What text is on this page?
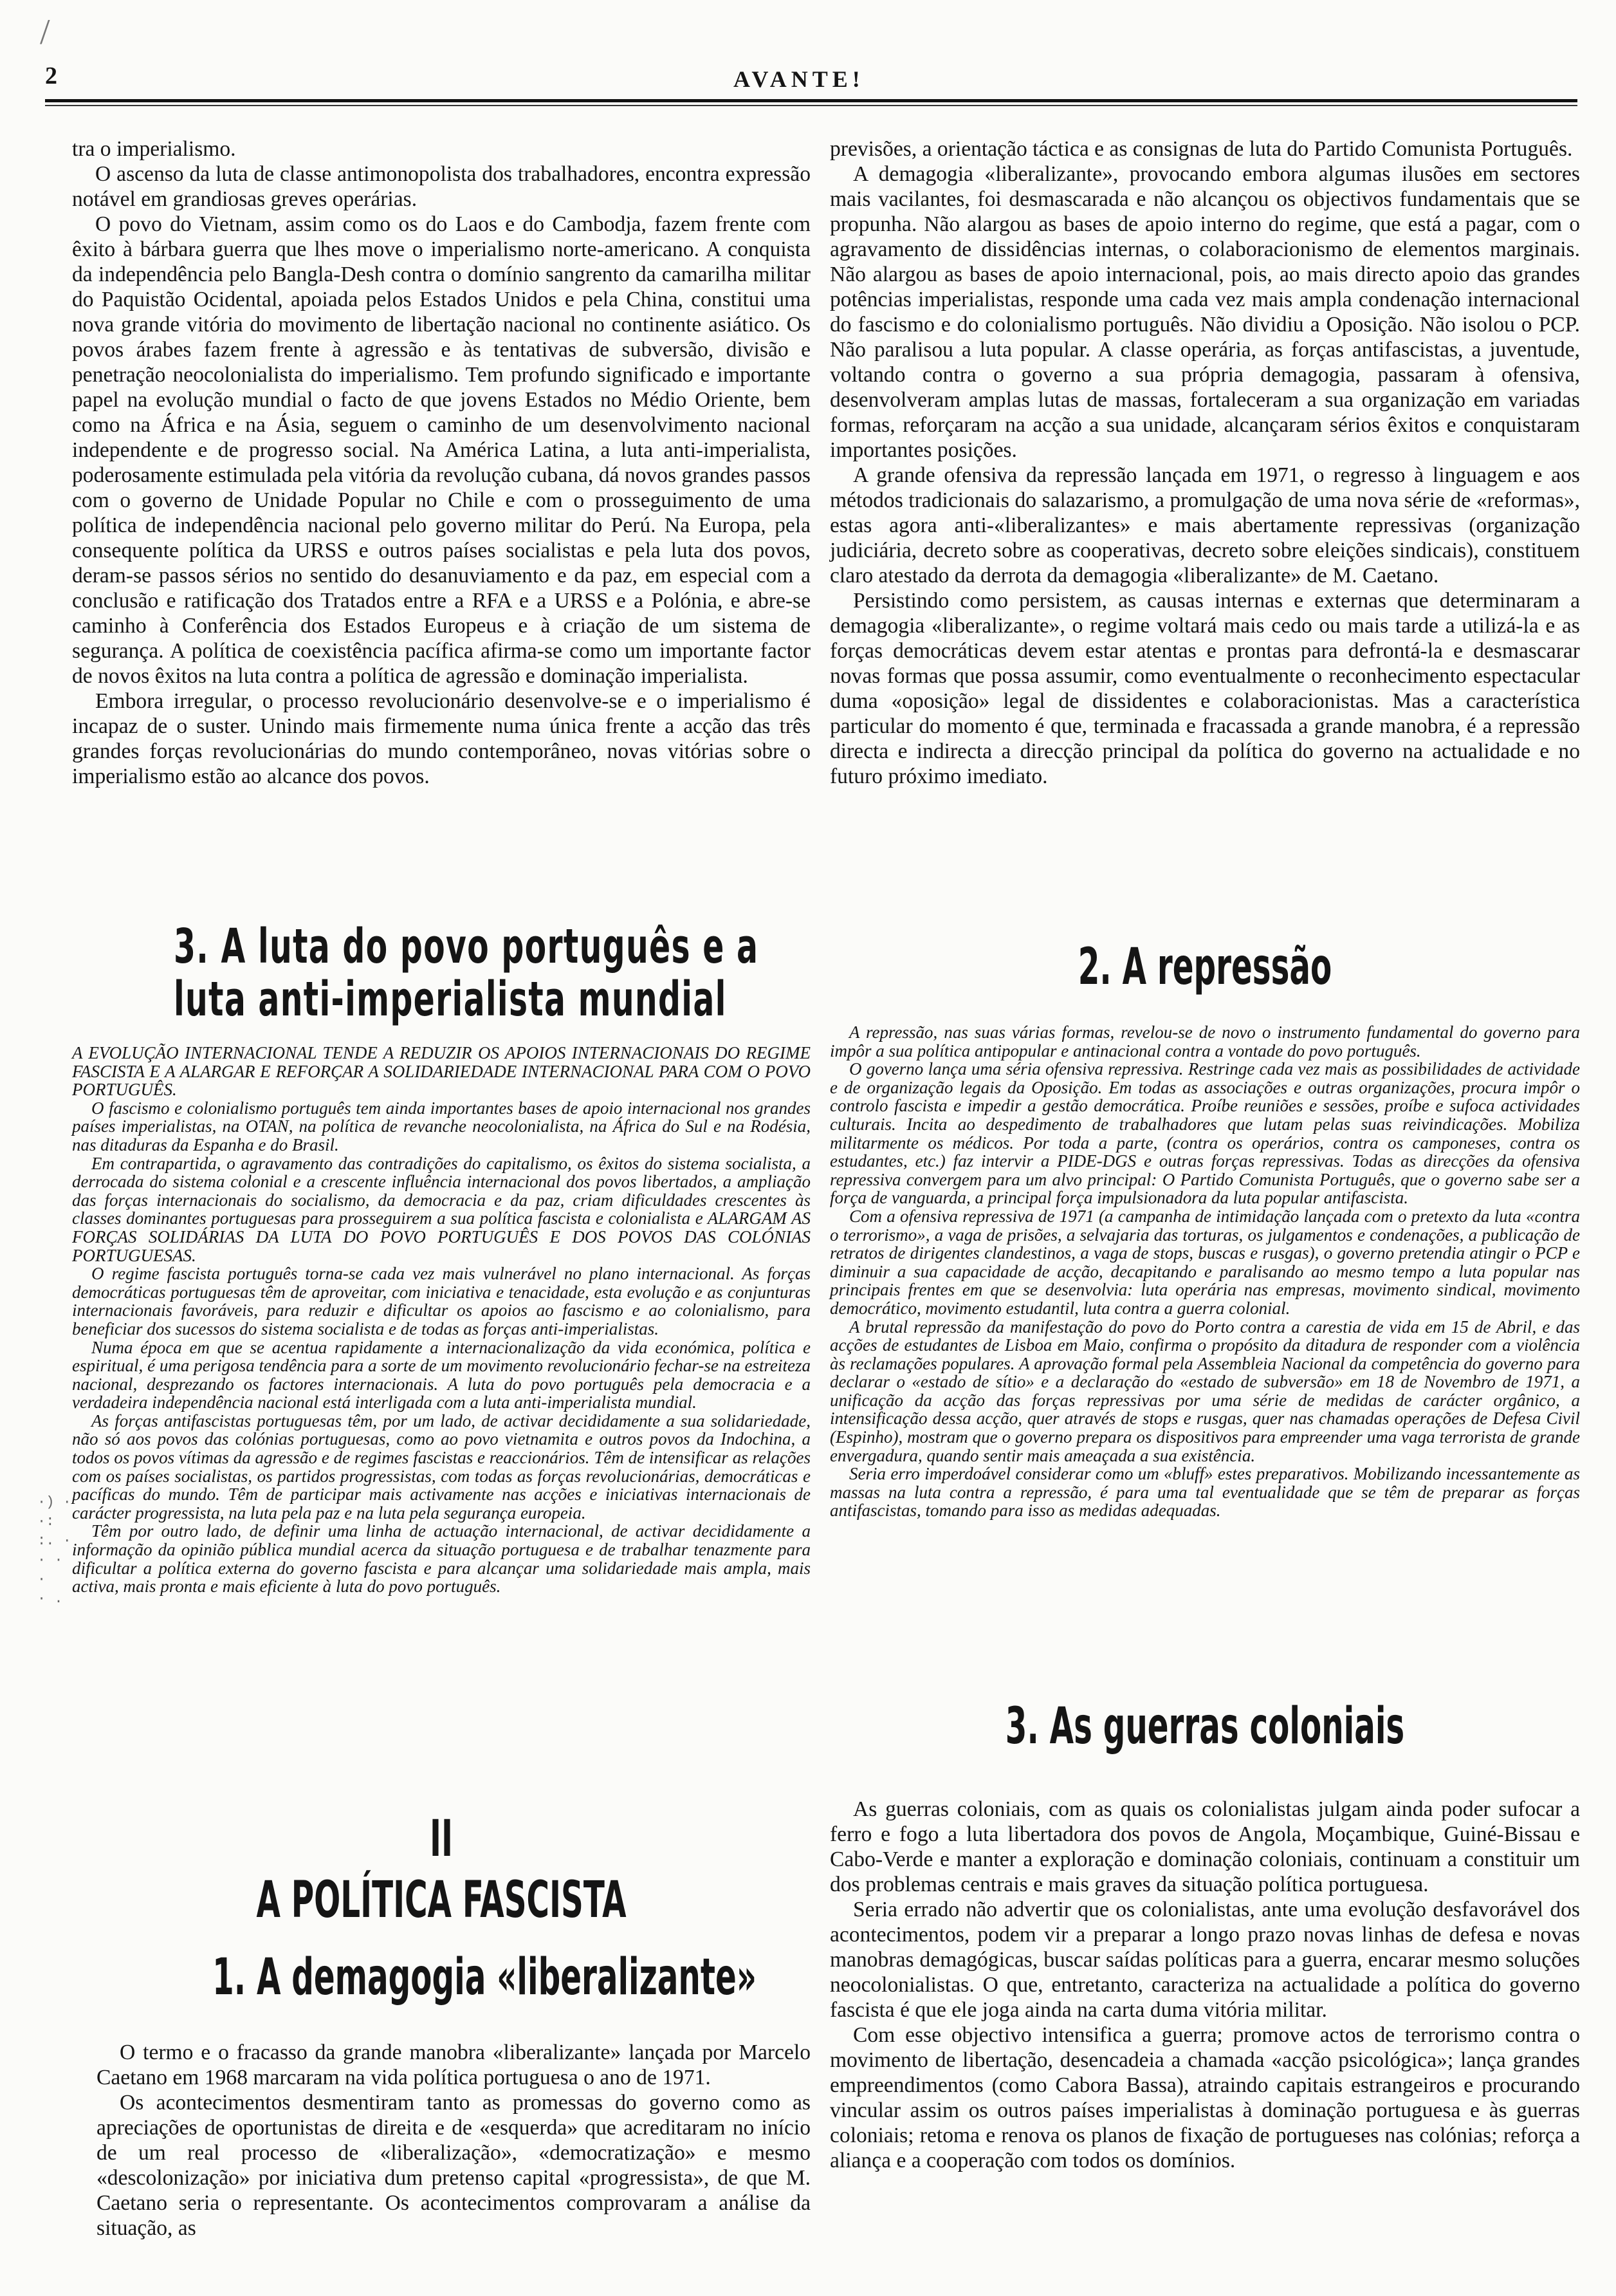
/
2	AVANTE!

tra o imperialismo.

O ascenso da luta de classe antimonopolista dos trabalhadores, encontra expressão notável em grandiosas greves operárias.

O povo do Vietnam, assim como os do Laos e do Cambodja, fazem frente com êxito à bárbara guerra que lhes move o imperialismo norte-americano. A conquista da independência pelo Bangla-Desh contra o domínio sangrento da camarilha militar do Paquistão Ocidental, apoiada pelos Estados Unidos e pela China, constitui uma nova grande vitória do movimento de libertação nacional no continente asiático. Os povos árabes fazem frente à agressão e às tentativas de subversão, divisão e penetração neocolonialista do imperialismo. Tem profundo significado e importante papel na evolução mundial o facto de que jovens Estados no Médio Oriente, bem como na África e na Ásia, seguem o caminho de um desenvolvimento nacional independente e de progresso social. Na América Latina, a luta anti-imperialista, poderosamente estimulada pela vitória da revolução cubana, dá novos grandes passos com o governo de Unidade Popular no Chile e com o prosseguimento de uma política de independência nacional pelo governo militar do Perú. Na Europa, pela consequente política da URSS e outros países socialistas e pela luta dos povos, deram-se passos sérios no sentido do desanuviamento e da paz, em especial com a conclusão e ratificação dos Tratados entre a RFA e a URSS e a Polónia, e abre-se caminho à Conferência dos Estados Europeus e à criação de um sistema de segurança. A política de coexistência pacífica afirma-se como um importante factor de novos êxitos na luta contra a política de agressão e dominação imperialista.

Embora irregular, o processo revolucionário desenvolve-se e o imperialismo é incapaz de o suster. Unindo mais firmemente numa única frente a acção das três grandes forças revolucionárias do mundo contemporâneo, novas vitórias sobre o imperialismo estão ao alcance dos povos.

3. A luta do povo português e a
luta anti-imperialista mundial

A EVOLUÇÃO INTERNACIONAL TENDE A REDUZIR OS APOIOS INTERNACIONAIS DO REGIME FASCISTA E A ALARGAR E REFORÇAR A SOLIDARIEDADE INTERNACIONAL PARA COM O POVO PORTUGUÊS.

O fascismo e colonialismo português tem ainda importantes bases de apoio internacional nos grandes países imperialistas, na OTAN, na política de revanche neocolonialista, na África do Sul e na Rodésia, nas ditaduras da Espanha e do Brasil.

Em contrapartida, o agravamento das contradições do capitalismo, os êxitos do sistema socialista, a derrocada do sistema colonial e a crescente influência internacional dos povos libertados, a ampliação das forças internacionais do socialismo, da democracia e da paz, criam dificuldades crescentes às classes dominantes portuguesas para prosseguirem a sua política fascista e colonialista e ALARGAM AS FORÇAS SOLIDÁRIAS DA LUTA DO POVO PORTUGUÊS E DOS POVOS DAS COLÓNIAS PORTUGUESAS.

O regime fascista português torna-se cada vez mais vulnerável no plano internacional. As forças democráticas portuguesas têm de aproveitar, com iniciativa e tenacidade, esta evolução e as conjunturas internacionais favoráveis, para reduzir e dificultar os apoios ao fascismo e ao colonialismo, para beneficiar dos sucessos do sistema socialista e de todas as forças anti-imperialistas.

Numa época em que se acentua rapidamente a internacionalização da vida económica, política e espiritual, é uma perigosa tendência para a sorte de um movimento revolucionário fechar-se na estreiteza nacional, desprezando os factores internacionais. A luta do povo português pela democracia e a verdadeira independência nacional está interligada com a luta anti-imperialista mundial.

As forças antifascistas portuguesas têm, por um lado, de activar decididamente a sua solidariedade, não só aos povos das colónias portuguesas, como ao povo vietnamita e outros povos da Indochina, a todos os povos vítimas da agressão e de regimes fascistas e reaccionários. Têm de intensificar as relações com os países socialistas, os partidos progressistas, com todas as forças revolucionárias, democráticas e pacíficas do mundo. Têm de participar mais activamente nas acções e iniciativas internacionais de carácter progressista, na luta pela paz e na luta pela segurança europeia.

Têm por outro lado, de definir uma linha de actuação internacional, de activar decididamente a informação da opinião pública mundial acerca da situação portuguesa e de trabalhar tenazmente para dificultar a política externa do governo fascista e para alcançar uma solidariedade mais ampla, mais activa, mais pronta e mais eficiente à luta do povo português.

II
A POLÍTICA FASCISTA
1. A demagogia «liberalizante»

O termo e o fracasso da grande manobra «liberalizante» lançada por Marcelo Caetano em 1968 marcaram na vida política portuguesa o ano de 1971.

Os acontecimentos desmentiram tanto as promessas do governo como as apreciações de oportunistas de direita e de «esquerda» que acreditaram no início de um real processo de «liberalização», «democratização» e mesmo «descolonização» por iniciativa dum pretenso capital «progressista», de que M. Caetano seria o representante. Os acontecimentos comprovaram a análise da situação, as

·) ·
·:
:. ·
· ·
·
· .

previsões, a orientação táctica e as consignas de luta do Partido Comunista Português.

A demagogia «liberalizante», provocando embora algumas ilusões em sectores mais vacilantes, foi desmascarada e não alcançou os objectivos fundamentais que se propunha. Não alargou as bases de apoio interno do regime, que está a pagar, com o agravamento de dissidências internas, o colaboracionismo de elementos marginais. Não alargou as bases de apoio internacional, pois, ao mais directo apoio das grandes potências imperialistas, responde uma cada vez mais ampla condenação internacional do fascismo e do colonialismo português. Não dividiu a Oposição. Não isolou o PCP. Não paralisou a luta popular. A classe operária, as forças antifascistas, a juventude, voltando contra o governo a sua própria demagogia, passaram à ofensiva, desenvolveram amplas lutas de massas, fortaleceram a sua organização em variadas formas, reforçaram na acção a sua unidade, alcançaram sérios êxitos e conquistaram importantes posições.

A grande ofensiva da repressão lançada em 1971, o regresso à linguagem e aos métodos tradicionais do salazarismo, a promulgação de uma nova série de «reformas», estas agora anti-«liberalizantes» e mais abertamente repressivas (organização judiciária, decreto sobre as cooperativas, decreto sobre eleições sindicais), constituem claro atestado da derrota da demagogia «liberalizante» de M. Caetano.

Persistindo como persistem, as causas internas e externas que determinaram a demagogia «liberalizante», o regime voltará mais cedo ou mais tarde a utilizá-la e as forças democráticas devem estar atentas e prontas para defrontá-la e desmascarar novas formas que possa assumir, como eventualmente o reconhecimento espectacular duma «oposição» legal de dissidentes e colaboracionistas. Mas a característica particular do momento é que, terminada e fracassada a grande manobra, é a repressão directa e indirecta a direcção principal da política do governo na actualidade e no futuro próximo imediato.

2. A repressão

A repressão, nas suas várias formas, revelou-se de novo o instrumento fundamental do governo para impôr a sua política antipopular e antinacional contra a vontade do povo português.

O governo lança uma séria ofensiva repressiva. Restringe cada vez mais as possibilidades de actividade e de organização legais da Oposição. Em todas as associações e outras organizações, procura impôr o controlo fascista e impedir a gestão democrática. Proíbe reuniões e sessões, proíbe e sufoca actividades culturais. Incita ao despedimento de trabalhadores que lutam pelas suas reivindicações. Mobiliza militarmente os médicos. Por toda a parte, (contra os operários, contra os camponeses, contra os estudantes, etc.) faz intervir a PIDE-DGS e outras forças repressivas. Todas as direcções da ofensiva repressiva convergem para um alvo principal: O Partido Comunista Português, que o governo sabe ser a força de vanguarda, a principal força impulsionadora da luta popular antifascista.

Com a ofensiva repressiva de 1971 (a campanha de intimidação lançada com o pretexto da luta «contra o terrorismo», a vaga de prisões, a selvajaria das torturas, os julgamentos e condenações, a publicação de retratos de dirigentes clandestinos, a vaga de stops, buscas e rusgas), o governo pretendia atingir o PCP e diminuir a sua capacidade de acção, decapitando e paralisando ao mesmo tempo a luta popular nas principais frentes em que se desenvolvia: luta operária nas empresas, movimento sindical, movimento democrático, movimento estudantil, luta contra a guerra colonial.

A brutal repressão da manifestação do povo do Porto contra a carestia de vida em 15 de Abril, e das acções de estudantes de Lisboa em Maio, confirma o propósito da ditadura de responder com a violência às reclamações populares. A aprovação formal pela Assembleia Nacional da competência do governo para declarar o «estado de sítio» e a declaração do «estado de subversão» em 18 de Novembro de 1971, a unificação da acção das forças repressivas por uma série de medidas de carácter orgânico, a intensificação dessa acção, quer através de stops e rusgas, quer nas chamadas operações de Defesa Civil (Espinho), mostram que o governo prepara os dispositivos para empreender uma vaga terrorista de grande envergadura, quando sentir mais ameaçada a sua existência.

Seria erro imperdoável considerar como um «bluff» estes preparativos. Mobilizando incessantemente as massas na luta contra a repressão, é para uma tal eventualidade que se têm de preparar as forças antifascistas, tomando para isso as medidas adequadas.

3. As guerras coloniais

As guerras coloniais, com as quais os colonialistas julgam ainda poder sufocar a ferro e fogo a luta libertadora dos povos de Angola, Moçambique, Guiné-Bissau e Cabo-Verde e manter a exploração e dominação coloniais, continuam a constituir um dos problemas centrais e mais graves da situação política portuguesa.

Seria errado não advertir que os colonialistas, ante uma evolução desfavorável dos acontecimentos, podem vir a preparar a longo prazo novas linhas de defesa e novas manobras demagógicas, buscar saídas políticas para a guerra, encarar mesmo soluções neocolonialistas. O que, entretanto, caracteriza na actualidade a política do governo fascista é que ele joga ainda na carta duma vitória militar.

Com esse objectivo intensifica a guerra; promove actos de terrorismo contra o movimento de libertação, desencadeia a chamada «acção psicológica»; lança grandes empreendimentos (como Cabora Bassa), atraindo capitais estrangeiros e procurando vincular assim os outros países imperialistas à dominação portuguesa e às guerras coloniais; retoma e renova os planos de fixação de portugueses nas colónias; reforça a aliança e a cooperação com todos os domínios.
